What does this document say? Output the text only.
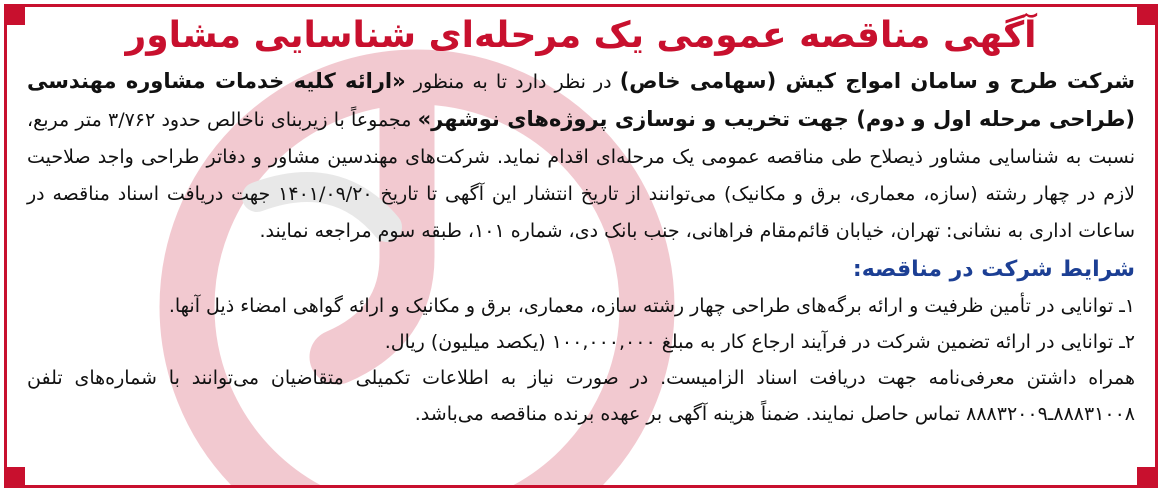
آگهی مناقصه عمومی یک مرحله‌ای شناسایی مشاور

شرکت طرح و سامان امواج کیش (سهامی خاص) در نظر دارد تا به منظور «ارائه کلیه خدمات مشاوره مهندسی (طراحی مرحله اول و دوم) جهت تخریب و نوسازی پروژه‌های نوشهر» مجموعاً با زیربنای ناخالص حدود ۳/۷۶۲ متر مربع، نسبت به شناسایی مشاور ذیصلاح طی مناقصه عمومی یک مرحله‌ای اقدام نماید. شرکت‌های مهندسین مشاور و دفاتر طراحی واجد صلاحیت لازم در چهار رشته (سازه، معماری، برق و مکانیک) می‌توانند از تاریخ انتشار این آگهی تا تاریخ ۱۴۰۱/۰۹/۲۰ جهت دریافت اسناد مناقصه در ساعات اداری به نشانی: تهران، خیابان قائم‌مقام فراهانی، جنب بانک دی، شماره ۱۰۱، طبقه سوم مراجعه نمایند.

شرایط شرکت در مناقصه:

۱ـ توانایی در تأمین ظرفیت و ارائه برگه‌های طراحی چهار رشته سازه، معماری، برق و مکانیک و ارائه گواهی امضاء ذیل آنها.

۲ـ توانایی در ارائه تضمین شرکت در فرآیند ارجاع کار به مبلغ ۱۰۰,۰۰۰,۰۰۰ (یکصد میلیون) ریال.

همراه داشتن معرفی‌نامه جهت دریافت اسناد الزامیست. در صورت نیاز به اطلاعات تکمیلی متقاضیان می‌توانند با شماره‌های تلفن ۸۸۸۳۱۰۰۸ـ۸۸۸۳۲۰۰۹ تماس حاصل نمایند. ضمناً هزینه آگهی بر عهده برنده مناقصه می‌باشد.
